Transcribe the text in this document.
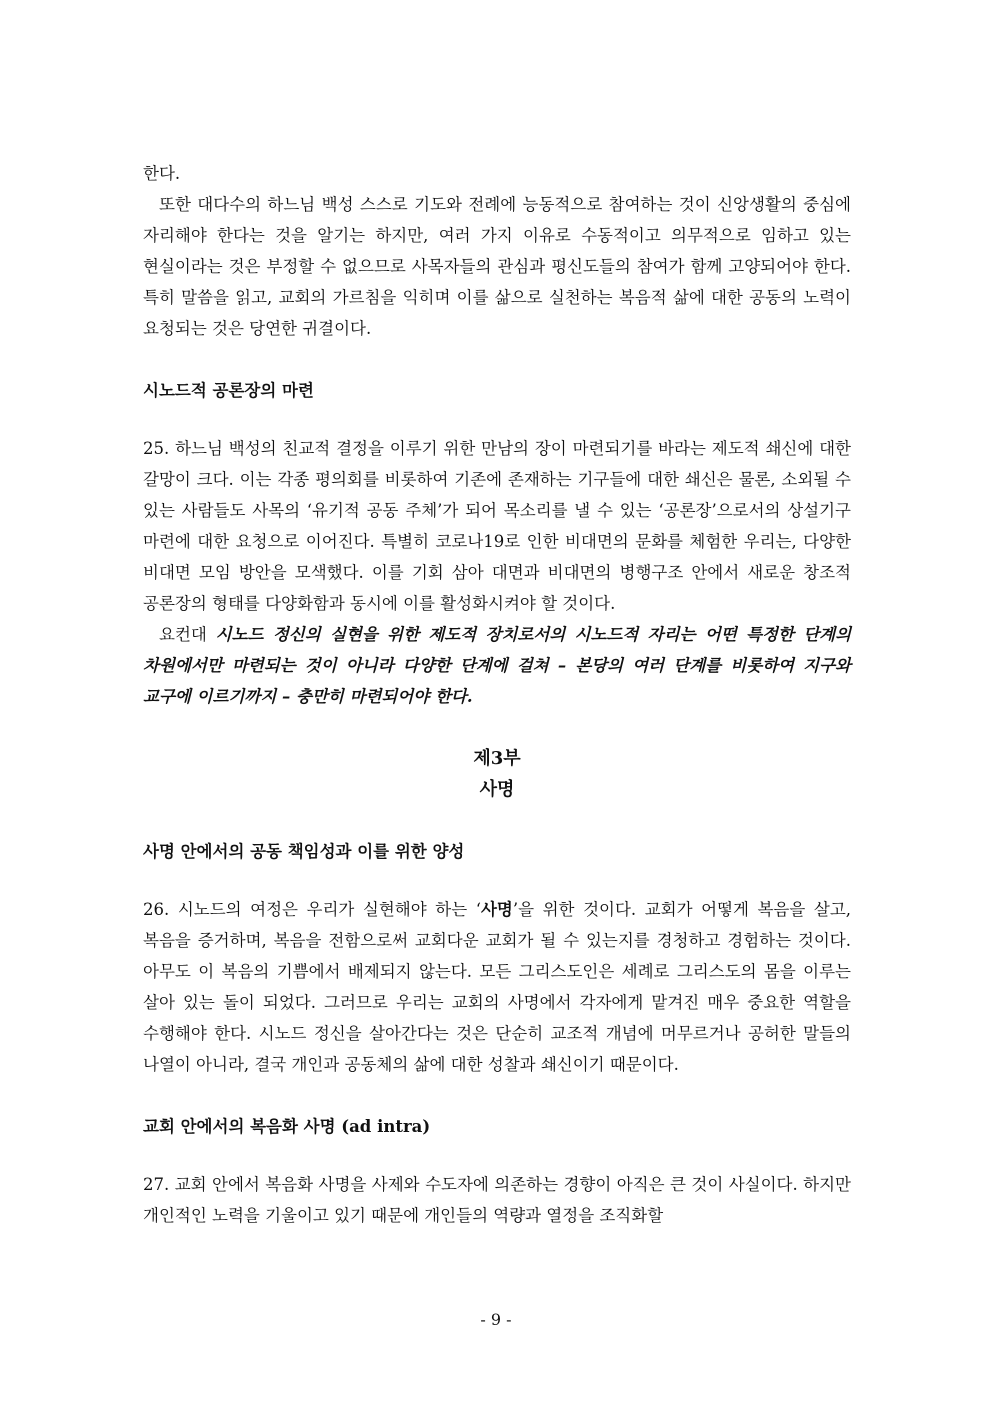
한다.

또한 대다수의 하느님 백성 스스로 기도와 전례에 능동적으로 참여하는 것이 신앙생활의 중심에 자리해야 한다는 것을 알기는 하지만, 여러 가지 이유로 수동적이고 의무적으로 임하고 있는 현실이라는 것은 부정할 수 없으므로 사목자들의 관심과 평신도들의 참여가 함께 고양되어야 한다. 특히 말씀을 읽고, 교회의 가르침을 익히며 이를 삶으로 실천하는 복음적 삶에 대한 공동의 노력이 요청되는 것은 당연한 귀결이다.

시노드적 공론장의 마련

25. 하느님 백성의 친교적 결정을 이루기 위한 만남의 장이 마련되기를 바라는 제도적 쇄신에 대한 갈망이 크다. 이는 각종 평의회를 비롯하여 기존에 존재하는 기구들에 대한 쇄신은 물론, 소외될 수 있는 사람들도 사목의 ‘유기적 공동 주체’가 되어 목소리를 낼 수 있는 ‘공론장’으로서의 상설기구 마련에 대한 요청으로 이어진다. 특별히 코로나19로 인한 비대면의 문화를 체험한 우리는, 다양한 비대면 모임 방안을 모색했다. 이를 기회 삼아 대면과 비대면의 병행구조 안에서 새로운 창조적 공론장의 형태를 다양화함과 동시에 이를 활성화시켜야 할 것이다.

요컨대 시노드 정신의 실현을 위한 제도적 장치로서의 시노드적 자리는 어떤 특정한 단계의 차원에서만 마련되는 것이 아니라 다양한 단계에 걸쳐 – 본당의 여러 단계를 비롯하여 지구와 교구에 이르기까지 – 충만히 마련되어야 한다.

제3부

사명

사명 안에서의 공동 책임성과 이를 위한 양성

26. 시노드의 여정은 우리가 실현해야 하는 ‘사명’을 위한 것이다. 교회가 어떻게 복음을 살고, 복음을 증거하며, 복음을 전함으로써 교회다운 교회가 될 수 있는지를 경청하고 경험하는 것이다. 아무도 이 복음의 기쁨에서 배제되지 않는다. 모든 그리스도인은 세례로 그리스도의 몸을 이루는 살아 있는 돌이 되었다. 그러므로 우리는 교회의 사명에서 각자에게 맡겨진 매우 중요한 역할을 수행해야 한다. 시노드 정신을 살아간다는 것은 단순히 교조적 개념에 머무르거나 공허한 말들의 나열이 아니라, 결국 개인과 공동체의 삶에 대한 성찰과 쇄신이기 때문이다.

교회 안에서의 복음화 사명 (ad intra)

27. 교회 안에서 복음화 사명을 사제와 수도자에 의존하는 경향이 아직은 큰 것이 사실이다. 하지만 개인적인 노력을 기울이고 있기 때문에 개인들의 역량과 열정을 조직화할

- 9 -
